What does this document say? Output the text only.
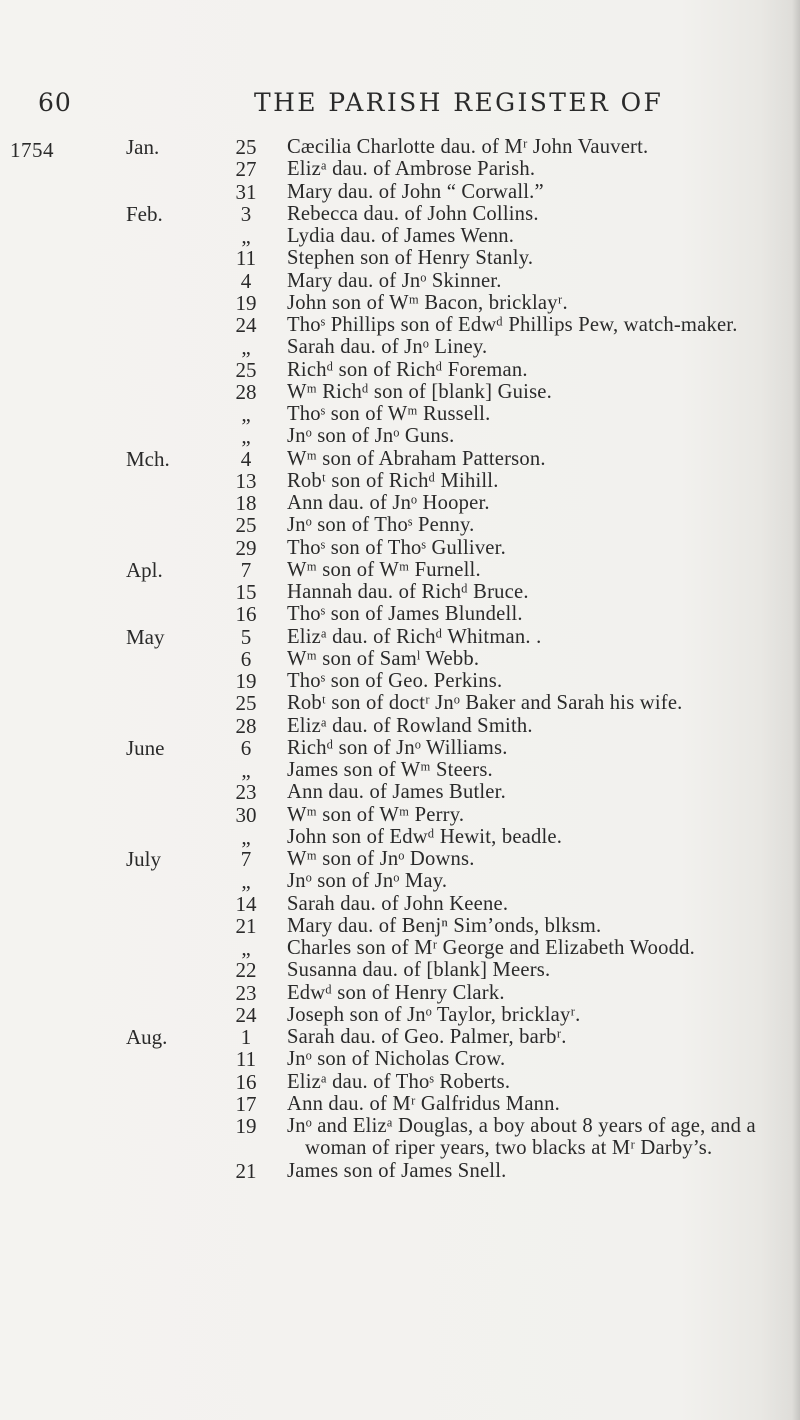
60	THE PARISH REGISTER OF
1754	Jan.	25 Cæcilia Charlotte dau. of Mʳ John Vauvert.
27 Elizᵃ dau. of Ambrose Parish.
31 Mary dau. of John “ Corwall.”
Feb.	3	Rebecca dau. of John Collins.
„	Lydia dau. of James Wenn.
11 Stephen son of Henry Stanly.
4	Mary dau. of Jnᵒ Skinner.
19 John son of Wᵐ Bacon, bricklayʳ.
24 Thoˢ Phillips son of Edwᵈ Phillips Pew, watch-maker.
„	Sarah dau. of Jnᵒ Liney.
25 Richᵈ son of Richᵈ Foreman.
28 Wᵐ Richᵈ son of [blank] Guise.
„	Thoˢ son of Wᵐ Russell.
„	Jnᵒ son of Jnᵒ Guns.
Mch.	4	Wᵐ son of Abraham Patterson.
13 Robᵗ son of Richᵈ Mihill.
18 Ann dau. of Jnᵒ Hooper.
25 Jnᵒ son of Thoˢ Penny.
29 Thoˢ son of Thoˢ Gulliver.
Apl.	7	Wᵐ son of Wᵐ Furnell.
15 Hannah dau. of Richᵈ Bruce.
16 Thoˢ son of James Blundell.
May	5	Elizᵃ dau. of Richᵈ Whitman. .
6	Wᵐ son of Samˡ Webb.
19 Thoˢ son of Geo. Perkins.
25 Robᵗ son of doctʳ Jnᵒ Baker and Sarah his wife.
28 Elizᵃ dau. of Rowland Smith.
June	6	Richᵈ son of Jnᵒ Williams.
„	James son of Wᵐ Steers.
23 Ann dau. of James Butler.
30 Wᵐ son of Wᵐ Perry.
„	John son of Edwᵈ Hewit, beadle.
July	7	Wᵐ son of Jnᵒ Downs.
„	Jnᵒ son of Jnᵒ May.
14 Sarah dau. of John Keene.
21 Mary dau. of Benjⁿ Sim’onds, blksm.
„	Charles son of Mʳ George and Elizabeth Woodd.
22 Susanna dau. of [blank] Meers.
23 Edwᵈ son of Henry Clark.
24 Joseph son of Jnᵒ Taylor, bricklayʳ.
Aug.	1	Sarah dau. of Geo. Palmer, barbʳ.
11 Jnᵒ son of Nicholas Crow.
16 Elizᵃ dau. of Thoˢ Roberts.
17 Ann dau. of Mʳ Galfridus Mann.
19 Jnᵒ and Elizᵃ Douglas, a boy about 8 years of age, and a woman of riper years, two blacks at Mʳ Darby’s.
21 James son of James Snell.
